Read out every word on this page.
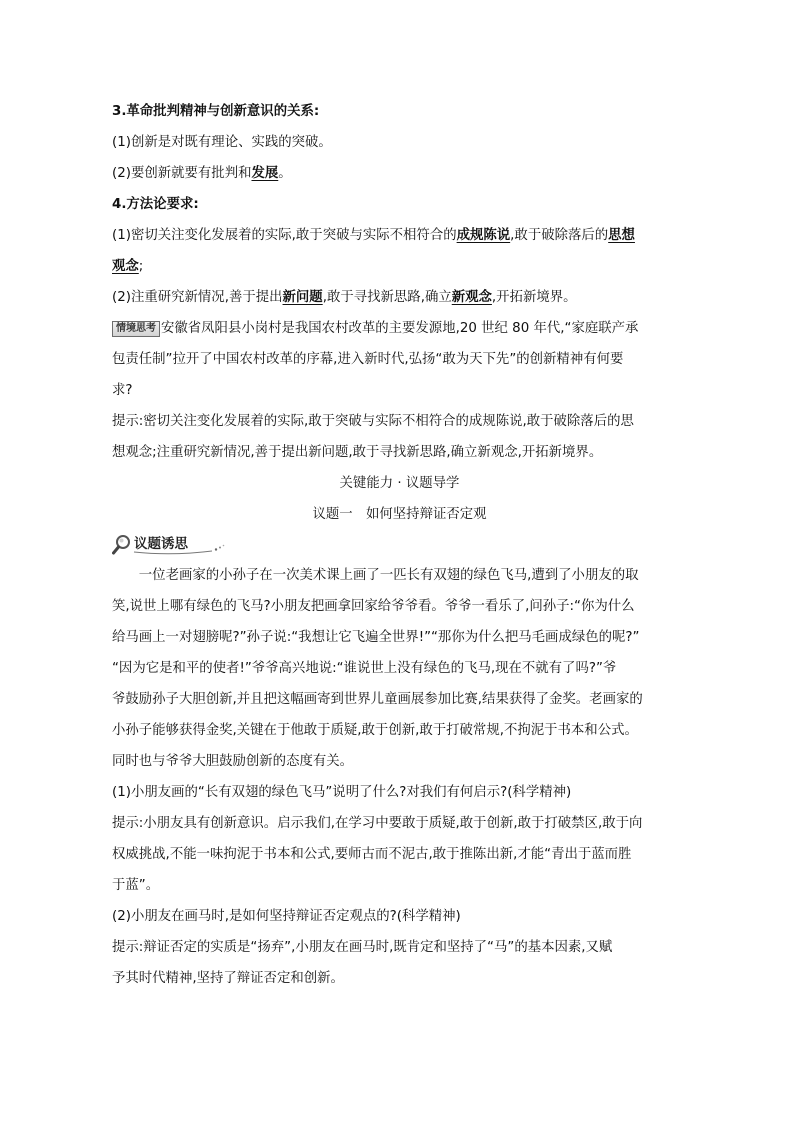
3.革命批判精神与创新意识的关系:

(1)创新是对既有理论、实践的突破。

(2)要创新就要有批判和发展。

4.方法论要求:

(1)密切关注变化发展着的实际,敢于突破与实际不相符合的成规陈说,敢于破除落后的思想

观念;

(2)注重研究新情况,善于提出新问题,敢于寻找新思路,确立新观念,开拓新境界。

情境思考 安徽省凤阳县小岗村是我国农村改革的主要发源地,20 世纪 80 年代,“家庭联产承

包责任制”拉开了中国农村改革的序幕,进入新时代,弘扬“敢为天下先”的创新精神有何要

求?

提示:密切关注变化发展着的实际,敢于突破与实际不相符合的成规陈说,敢于破除落后的思

想观念;注重研究新情况,善于提出新问题,敢于寻找新思路,确立新观念,开拓新境界。

关键能力 · 议题导学

议题一　如何坚持辩证否定观

议题诱思

一位老画家的小孙子在一次美术课上画了一匹长有双翅的绿色飞马,遭到了小朋友的取

笑,说世上哪有绿色的飞马?小朋友把画拿回家给爷爷看。爷爷一看乐了,问孙子:“你为什么

给马画上一对翅膀呢?”孙子说:“我想让它飞遍全世界!”“那你为什么把马毛画成绿色的呢?”

“因为它是和平的使者!”爷爷高兴地说:“谁说世上没有绿色的飞马,现在不就有了吗?”爷

爷鼓励孙子大胆创新,并且把这幅画寄到世界儿童画展参加比赛,结果获得了金奖。老画家的

小孙子能够获得金奖,关键在于他敢于质疑,敢于创新,敢于打破常规,不拘泥于书本和公式。

同时也与爷爷大胆鼓励创新的态度有关。

(1)小朋友画的“长有双翅的绿色飞马”说明了什么?对我们有何启示?(科学精神)

提示:小朋友具有创新意识。启示我们,在学习中要敢于质疑,敢于创新,敢于打破禁区,敢于向

权威挑战,不能一味拘泥于书本和公式,要师古而不泥古,敢于推陈出新,才能“青出于蓝而胜

于蓝”。

(2)小朋友在画马时,是如何坚持辩证否定观点的?(科学精神)

提示:辩证否定的实质是“扬弃”,小朋友在画马时,既肯定和坚持了“马”的基本因素,又赋

予其时代精神,坚持了辩证否定和创新。
